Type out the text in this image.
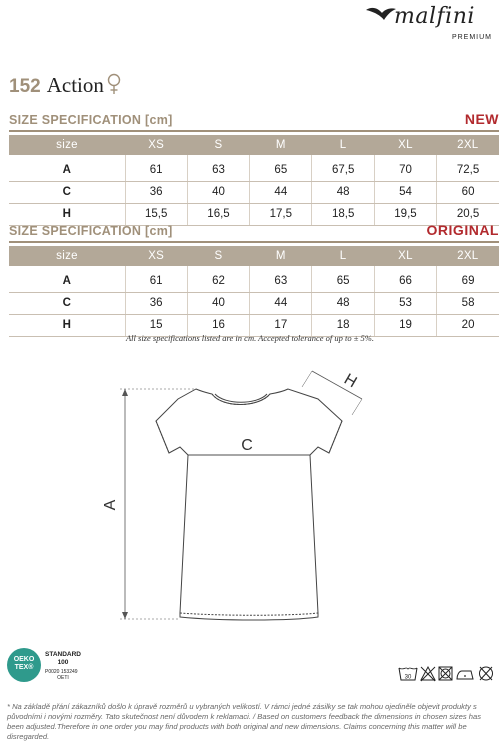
malfini
PREMIUM
152 Action
SIZE SPECIFICATION [cm]	NEW
size	XS	S	M	L	XL	2XL
A	61	63	65	67,5	70	72,5
C	36	40	44	48	54	60
H	15,5	16,5	17,5	18,5	19,5	20,5
SIZE SPECIFICATION [cm]	ORIGINAL
size	XS	S	M	L	XL	2XL
A	61	62	63	65	66	69
C	36	40	44	48	53	58
H	15	16	17	18	19	20
All size specifications listed are in cm. Accepted tolerance of up to ± 5%.
A
C
H
OEKO
TEX®
STANDARD
100
P0020 153249
OETI	30
* Na základě přání zákazníků došlo k úpravě rozměrů u vybraných velikostí. V rámci jedné zásilky se tak mohou ojediněle objevit produkty s původními i novými rozměry. Tato skutečnost není důvodem k reklamaci. / Based on customers feedback the dimensions in chosen sizes has been adjusted.Therefore in one order you may find products with both original and new dimensions. Claims concerning this matter will be disregarded.
